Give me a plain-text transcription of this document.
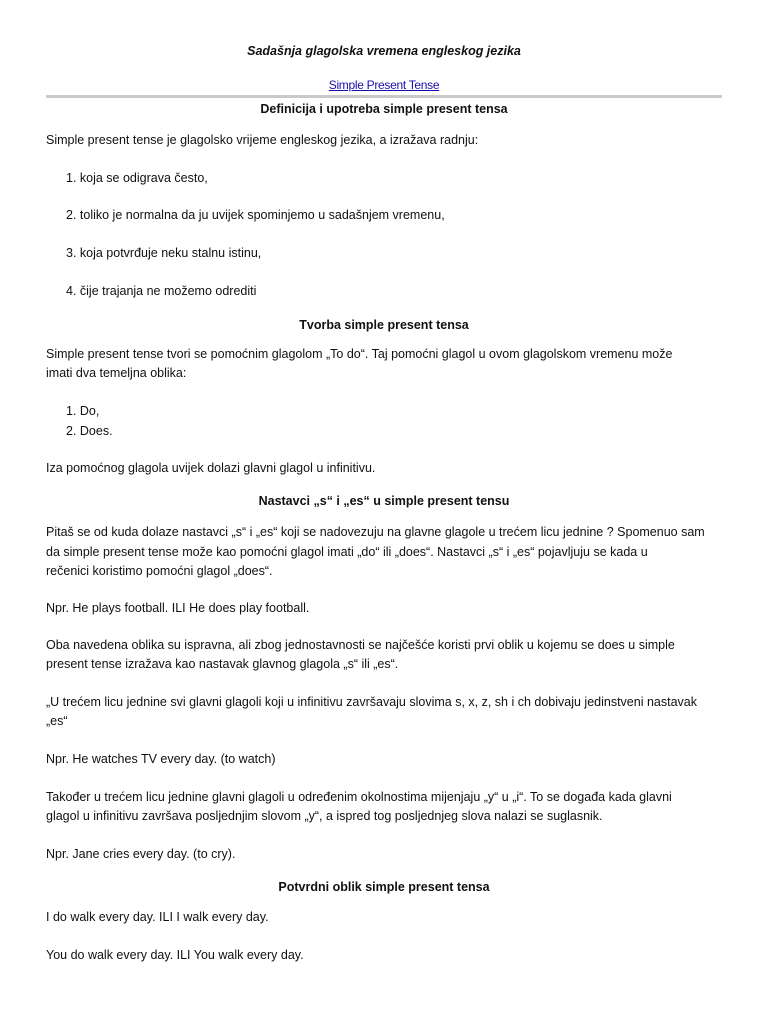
Sadašnja glagolska vremena engleskog jezika
Simple Present Tense
Definicija i upotreba simple present tensa
Simple present tense je glagolsko vrijeme engleskog jezika, a izražava radnju:
1. koja se odigrava često,
2. toliko je normalna da ju uvijek spominjemo u sadašnjem vremenu,
3. koja potvrđuje neku stalnu istinu,
4. čije trajanja ne možemo odrediti
Tvorba simple present tensa
Simple present tense tvori se pomoćnim glagolom „To do“. Taj pomoćni glagol u ovom glagolskom vremenu može
imati dva temeljna oblika:
1. Do,
2. Does.
Iza pomoćnog glagola uvijek dolazi glavni glagol u infinitivu.
Nastavci „s“ i „es“ u simple present tensu
Pitaš se od kuda dolaze nastavci „s“ i „es“ koji se nadovezuju na glavne glagole u trećem licu jednine ? Spomenuo sam
da simple present tense može kao pomoćni glagol imati „do“ ili „does“. Nastavci „s“ i „es“ pojavljuju se kada u
rečenici koristimo pomoćni glagol „does“.
Npr. He plays football. ILI He does play football.
Oba navedena oblika su ispravna, ali zbog jednostavnosti se najčešće koristi prvi oblik u kojemu se does u simple
present tense izražava kao nastavak glavnog glagola „s“ ili „es“.
„U trećem licu jednine svi glavni glagoli koji u infinitivu završavaju slovima s, x, z, sh i ch dobivaju jedinstveni nastavak
„es“
Npr. He watches TV every day. (to watch)
Također u trećem licu jednine glavni glagoli u određenim okolnostima mijenjaju „y“ u „i“. To se događa kada glavni
glagol u infinitivu završava posljednjim slovom „y“, a ispred tog posljednjeg slova nalazi se suglasnik.
Npr. Jane cries every day. (to cry).
Potvrdni oblik simple present tensa
I do walk every day. ILI I walk every day.
You do walk every day. ILI You walk every day.
